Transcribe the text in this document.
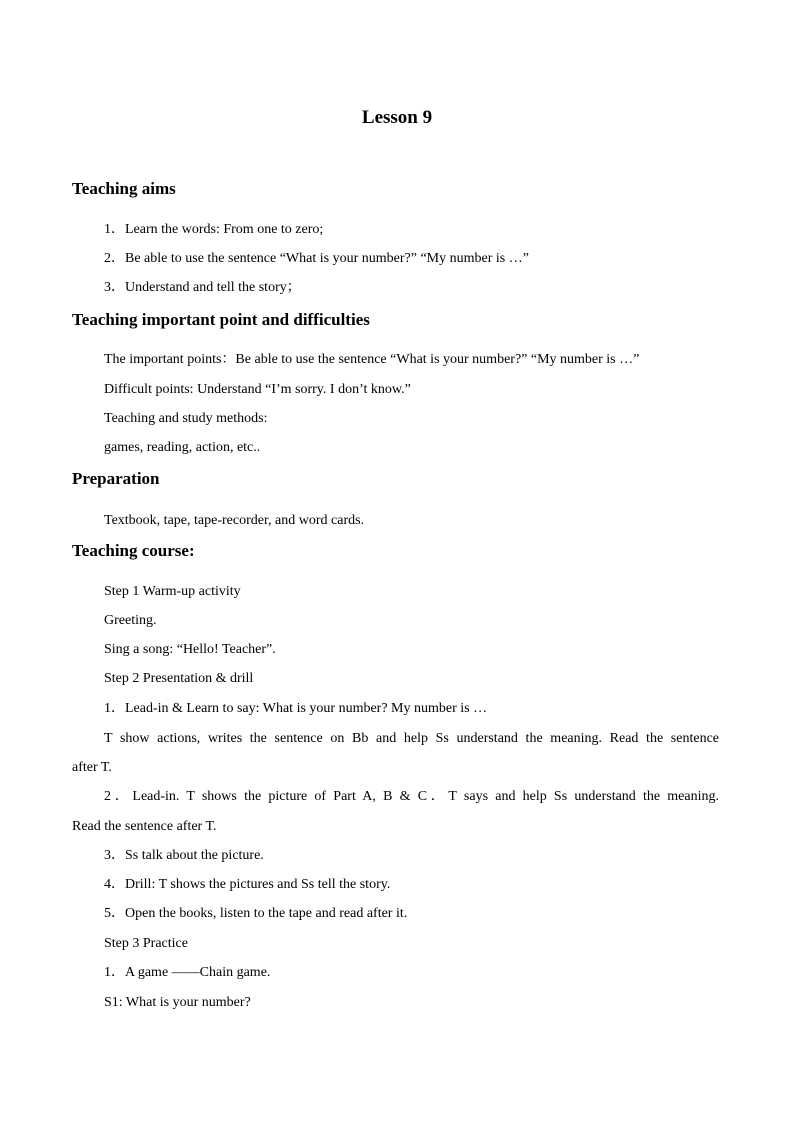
Lesson 9
Teaching aims
1．Learn the words: From one to zero;
2．Be able to use the sentence “What is your number?” “My number is …”
3．Understand and tell the story；
Teaching important point and difficulties
The important points：Be able to use the sentence “What is your number?” “My number is …”
Difficult points: Understand “I’m sorry. I don’t know.”
Teaching and study methods:
games, reading, action, etc..
Preparation
Textbook, tape, tape-recorder, and word cards.
Teaching course:
Step 1 Warm-up activity
Greeting.
Sing a song: “Hello! Teacher”.
Step 2 Presentation & drill
1．Lead-in & Learn to say: What is your number? My number is …
T show actions, writes the sentence on Bb and help Ss understand the meaning. Read the sentence
after T.
2．Lead-in. T shows the picture of Part A, B & C．T says and help Ss understand the meaning.
Read the sentence after T.
3．Ss talk about the picture.
4．Drill: T shows the pictures and Ss tell the story.
5．Open the books, listen to the tape and read after it.
Step 3 Practice
1．A game ——Chain game.
S1: What is your number?
